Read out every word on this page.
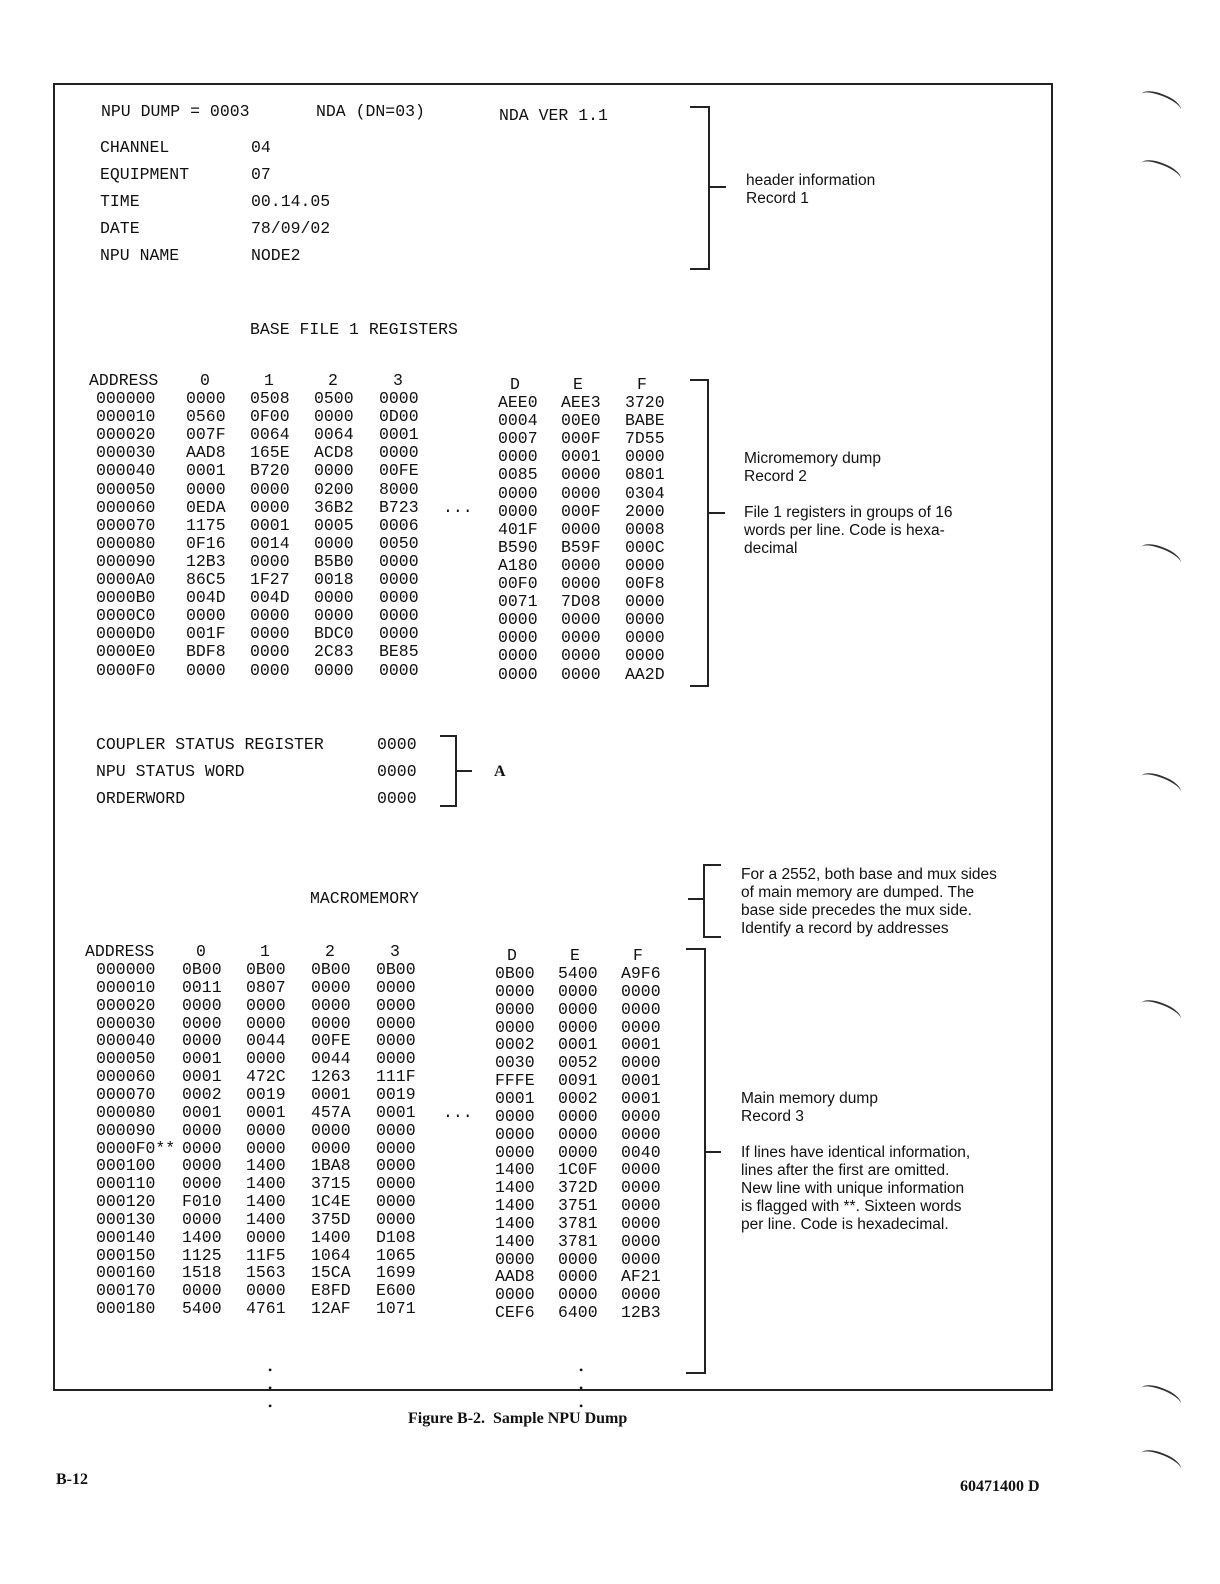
NPU DUMP = 0003	NDA (DN=03)	NDA VER 1.1
CHANNEL	04
EQUIPMENT	07
TIME	00.14.05
DATE	78/09/02
NPU NAME	NODE2

header information
Record 1

BASE FILE 1 REGISTERS
ADDRESS	0	1	2	3	D	E	F
000000 0000 0508 0500 0000	AEE0 AEE3 3720
000010 0560 0F00 0000 0D00	0004 00E0 BABE
000020 007F 0064 0064 0001	0007 000F 7D55
000030 AAD8 165E ACD8 0000	0000 0001 0000
000040 0001 B720 0000 00FE	0085 0000 0801
000050 0000 0000 0200 8000	0000 0000 0304
000060 0EDA 0000 36B2 B723	0000 000F 2000
000070 1175 0001 0005 0006	401F 0000 0008
000080 0F16 0014 0000 0050	B590 B59F 000C
000090 12B3 0000 B5B0 0000	A180 0000 0000
0000A0 86C5 1F27 0018 0000	00F0 0000 00F8
0000B0 004D 004D 0000 0000	0071 7D08 0000
0000C0 0000 0000 0000 0000	0000 0000 0000
0000D0 001F 0000 BDC0 0000	0000 0000 0000
0000E0 BDF8 0000 2C83 BE85	0000 0000 0000
0000F0 0000 0000 0000 0000	0000 0000 AA2D
...

Micromemory dump
Record 2

File 1 registers in groups of 16
words per line. Code is hexa-
decimal

COUPLER STATUS REGISTER	0000
NPU STATUS WORD	0000
ORDERWORD	0000
A
MACROMEMORY

For a 2552, both base and mux sides
of main memory are dumped. The
base side precedes the mux side.
Identify a record by addresses

ADDRESS	0	1	2	3	D	E	F
000000 0B00 0B00 0B00 0B00	0B00 5400 A9F6
000010 0011 0807 0000 0000	0000 0000 0000
000020 0000 0000 0000 0000	0000 0000 0000
000030 0000 0000 0000 0000	0000 0000 0000
000040 0000 0044 00FE 0000	0002 0001 0001
000050 0001 0000 0044 0000	0030 0052 0000
000060 0001 472C 1263 111F	FFFE 0091 0001
000070 0002 0019 0001 0019	0001 0002 0001
000080 0001 0001 457A 0001	0000 0000 0000
000090 0000 0000 0000 0000	0000 0000 0000
0000F0** 0000 0000 0000 0000	0000 0000 0040
000100 0000 1400 1BA8 0000	1400 1C0F 0000
000110 0000 1400 3715 0000	1400 372D 0000
000120 F010 1400 1C4E 0000	1400 3751 0000
000130 0000 1400 375D 0000	1400 3781 0000
000140 1400 0000 1400 D108	1400 3781 0000
000150 1125 11F5 1064 1065	0000 0000 0000
000160 1518 1563 15CA 1699	AAD8 0000 AF21
000170 0000 0000 E8FD E600	0000 0000 0000
000180 5400 4761 12AF 1071	CEF6 6400 12B3
...

Main memory dump
Record 3

If lines have identical information,
lines after the first are omitted.
New line with unique information
is flagged with **. Sixteen words
per line. Code is hexadecimal.

•
•
•

•
•
•

Figure B-2.  Sample NPU Dump
B-12	60471400 D
